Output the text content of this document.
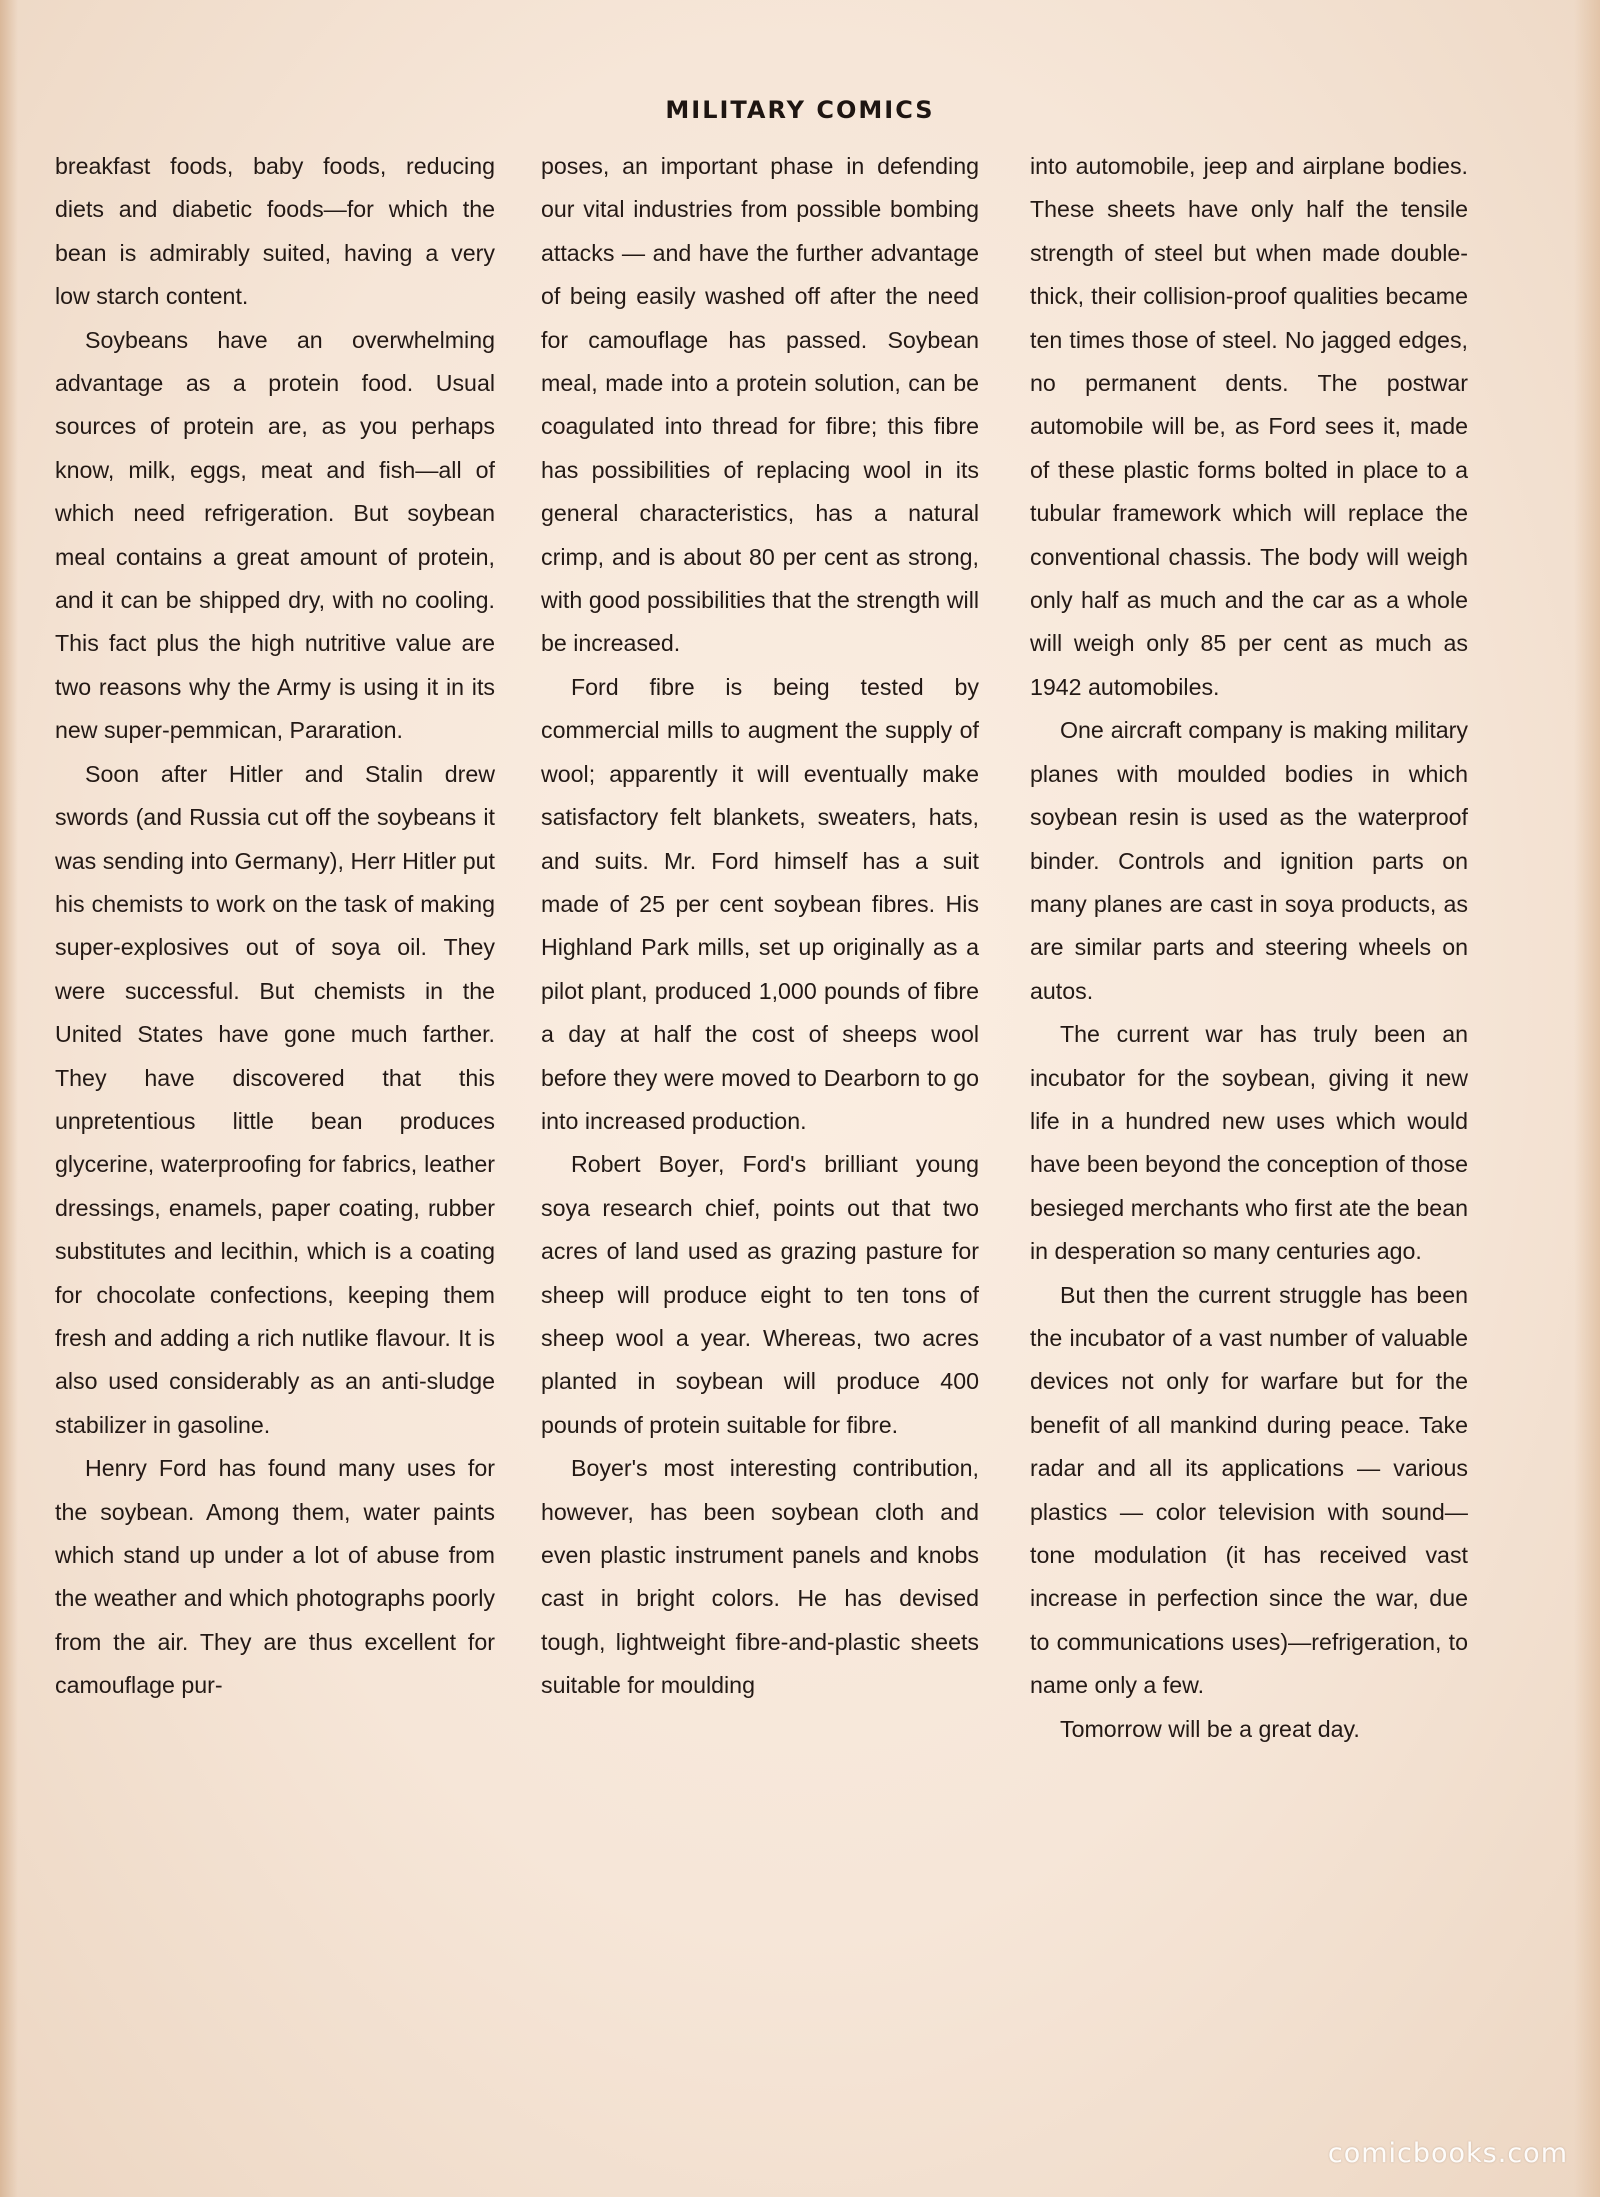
MILITARY COMICS

breakfast foods, baby foods, reducing diets and diabetic foods—for which the bean is admirably suited, having a very low starch content.

Soybeans have an overwhelming advantage as a protein food. Usual sources of protein are, as you perhaps know, milk, eggs, meat and fish—all of which need refrigeration. But soybean meal contains a great amount of protein, and it can be shipped dry, with no cooling. This fact plus the high nutritive value are two reasons why the Army is using it in its new super-pemmican, Pararation.

Soon after Hitler and Stalin drew swords (and Russia cut off the soybeans it was sending into Germany), Herr Hitler put his chemists to work on the task of making super-explosives out of soya oil. They were successful. But chemists in the United States have gone much farther. They have discovered that this unpretentious little bean produces glycerine, waterproofing for fabrics, leather dressings, enamels, paper coating, rubber substitutes and lecithin, which is a coating for chocolate confections, keeping them fresh and adding a rich nutlike flavour. It is also used considerably as an anti-sludge stabilizer in gasoline.

Henry Ford has found many uses for the soybean. Among them, water paints which stand up under a lot of abuse from the weather and which photographs poorly from the air. They are thus excellent for camouflage pur-

poses, an important phase in defending our vital industries from possible bombing attacks — and have the further advantage of being easily washed off after the need for camouflage has passed. Soybean meal, made into a protein solution, can be coagulated into thread for fibre; this fibre has possibilities of replacing wool in its general characteristics, has a natural crimp, and is about 80 per cent as strong, with good possibilities that the strength will be increased.

Ford fibre is being tested by commercial mills to augment the supply of wool; apparently it will eventually make satisfactory felt blankets, sweaters, hats, and suits. Mr. Ford himself has a suit made of 25 per cent soybean fibres. His Highland Park mills, set up originally as a pilot plant, produced 1,000 pounds of fibre a day at half the cost of sheeps wool before they were moved to Dearborn to go into increased production.

Robert Boyer, Ford's brilliant young soya research chief, points out that two acres of land used as grazing pasture for sheep will produce eight to ten tons of sheep wool a year. Whereas, two acres planted in soybean will produce 400 pounds of protein suitable for fibre.

Boyer's most interesting contribution, however, has been soybean cloth and even plastic instrument panels and knobs cast in bright colors. He has devised tough, lightweight fibre-and-plastic sheets suitable for moulding

into automobile, jeep and airplane bodies. These sheets have only half the tensile strength of steel but when made double-thick, their collision-proof qualities became ten times those of steel. No jagged edges, no permanent dents. The postwar automobile will be, as Ford sees it, made of these plastic forms bolted in place to a tubular framework which will replace the conventional chassis. The body will weigh only half as much and the car as a whole will weigh only 85 per cent as much as 1942 automobiles.

One aircraft company is making military planes with moulded bodies in which soybean resin is used as the waterproof binder. Controls and ignition parts on many planes are cast in soya products, as are similar parts and steering wheels on autos.

The current war has truly been an incubator for the soybean, giving it new life in a hundred new uses which would have been beyond the conception of those besieged merchants who first ate the bean in desperation so many centuries ago.

But then the current struggle has been the incubator of a vast number of valuable devices not only for warfare but for the benefit of all mankind during peace. Take radar and all its applications — various plastics — color television with sound—tone modulation (it has received vast increase in perfection since the war, due to communications uses)—refrigeration, to name only a few.

Tomorrow will be a great day.

comicbooks.com
